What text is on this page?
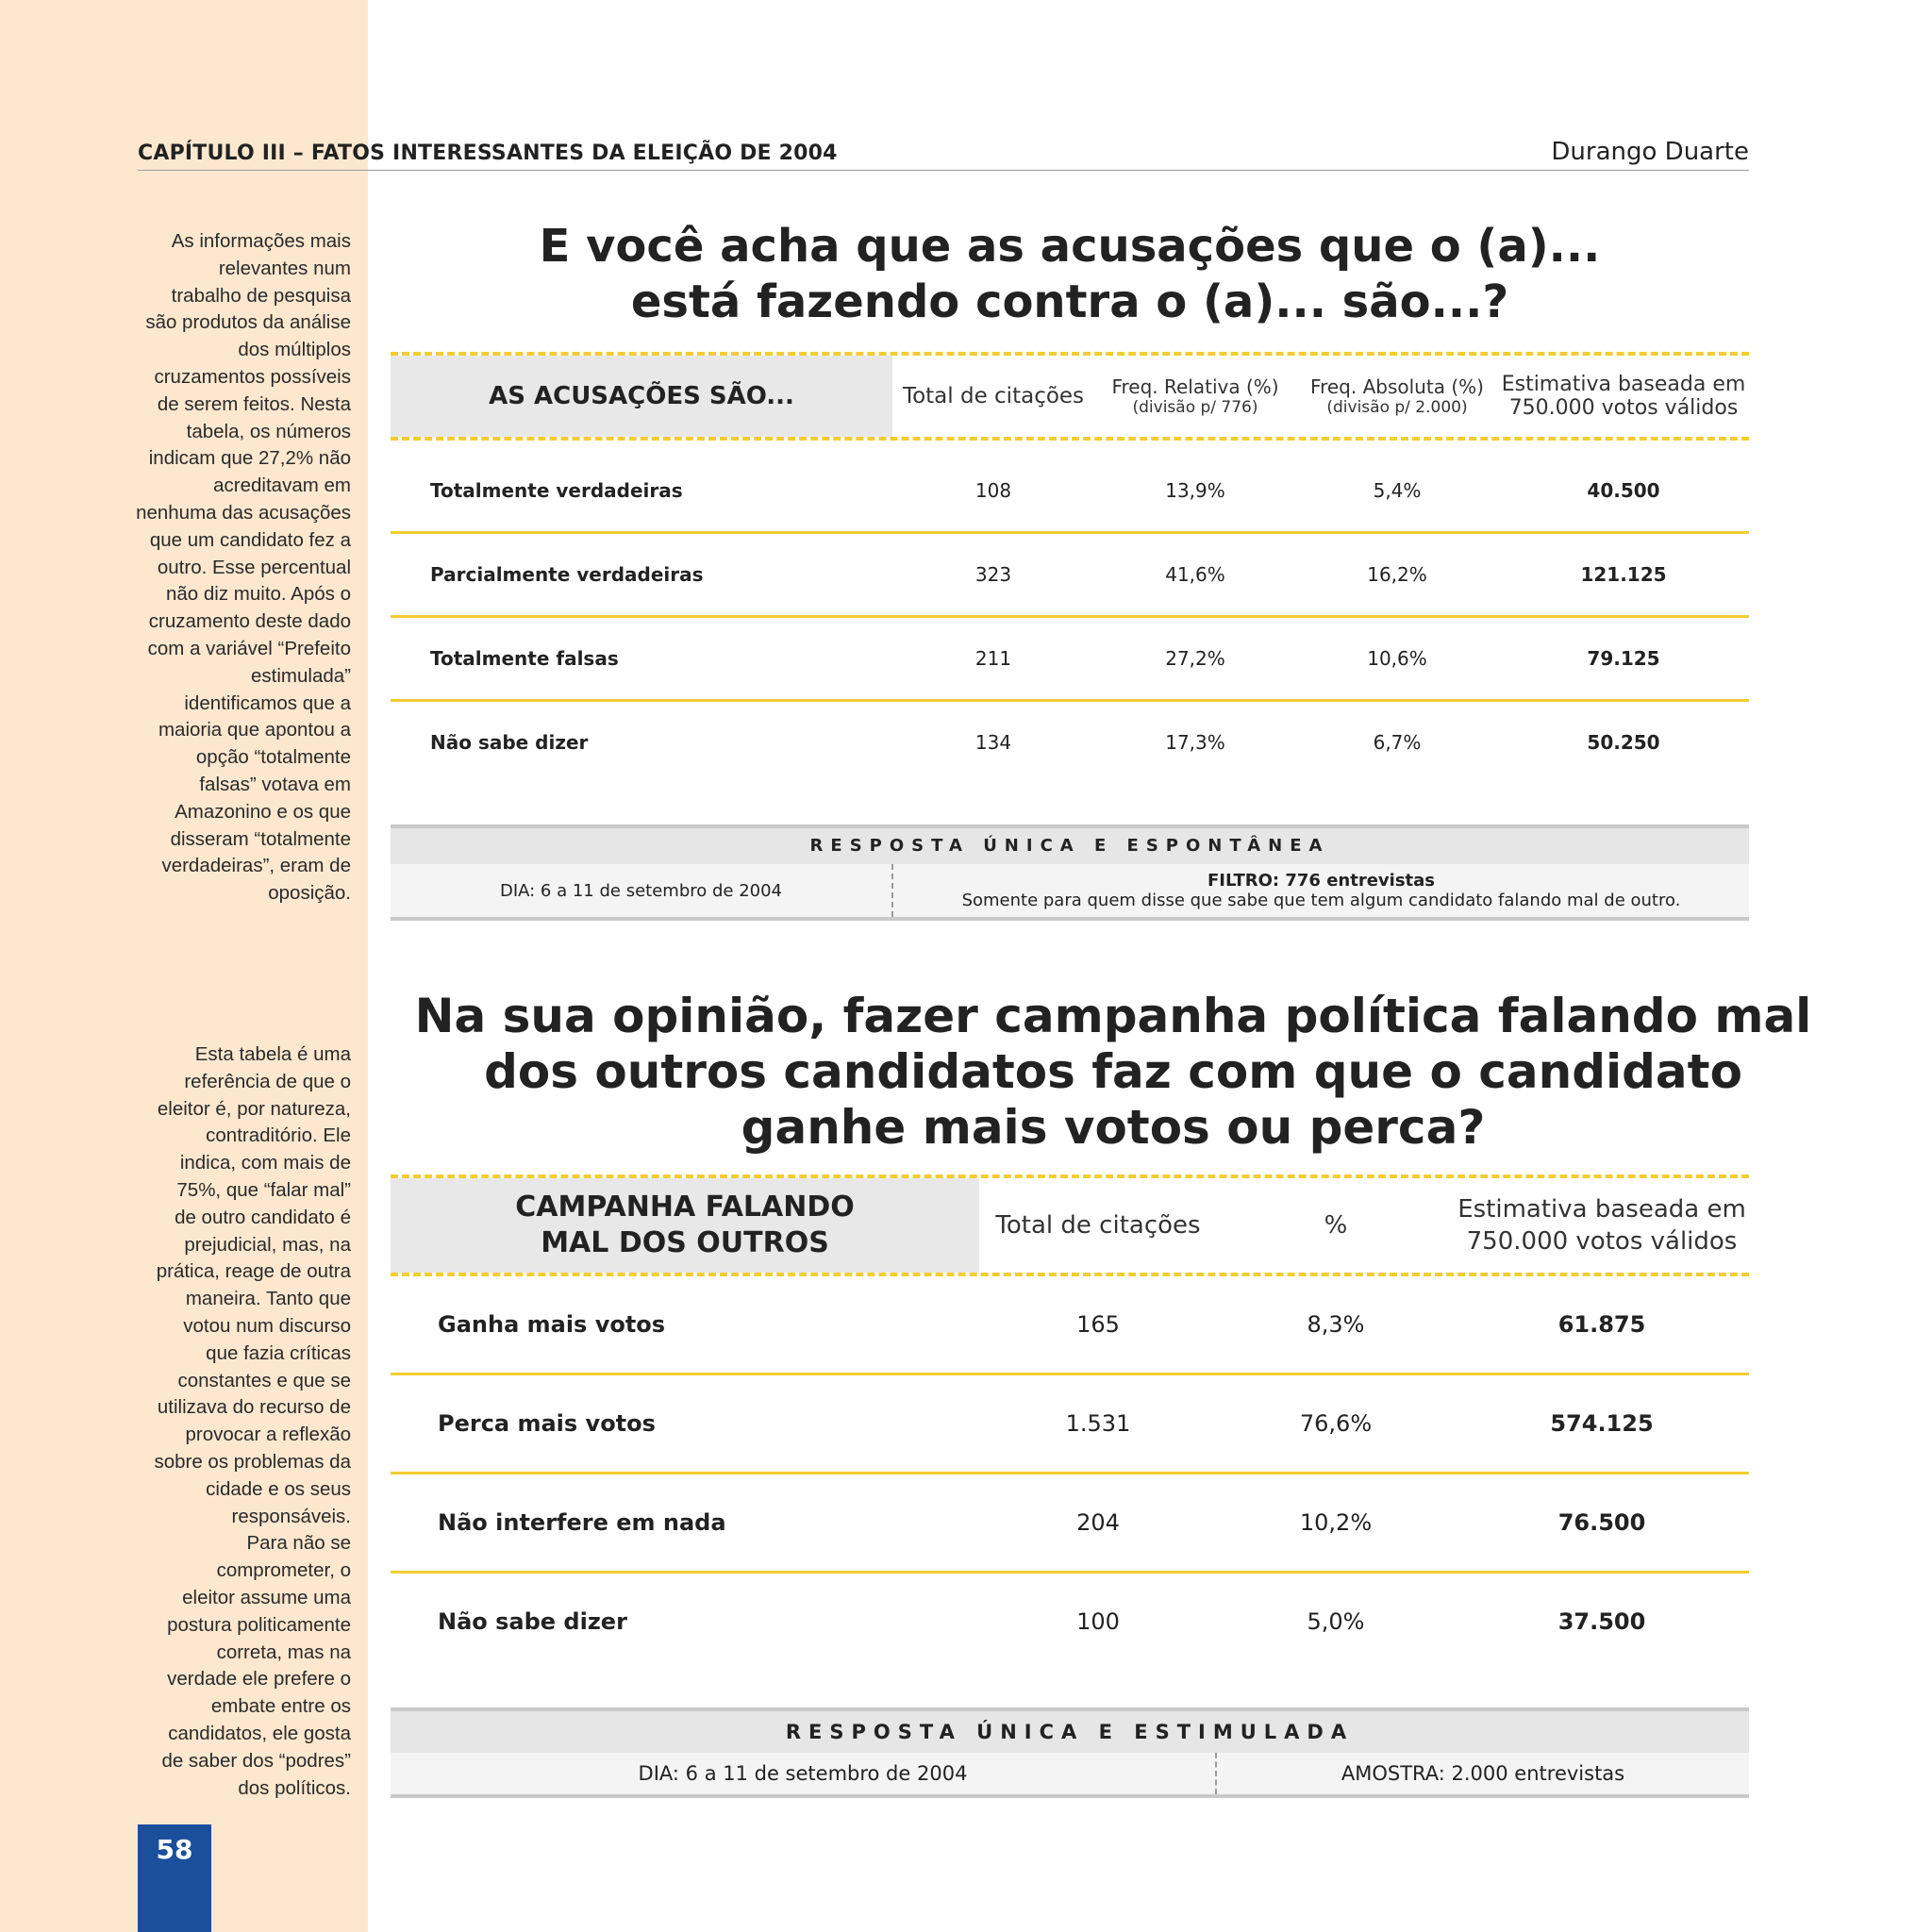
CAPÍTULO III – FATOS INTERESSANTES DA ELEIÇÃO DE 2004	Durango Duarte
As informações mais
relevantes num
trabalho de pesquisa
são produtos da análise
dos múltiplos
cruzamentos possíveis
de serem feitos. Nesta
tabela, os números
indicam que 27,2% não
acreditavam em
nenhuma das acusações
que um candidato fez a
outro. Esse percentual
não diz muito. Após o
cruzamento deste dado
com a variável “Prefeito
estimulada”
identificamos que a
maioria que apontou a
opção “totalmente
falsas” votava em
Amazonino e os que
disseram “totalmente
verdadeiras”, eram de
oposição.
Esta tabela é uma
referência de que o
eleitor é, por natureza,
contraditório. Ele
indica, com mais de
75%, que “falar mal”
de outro candidato é
prejudicial, mas, na
prática, reage de outra
maneira. Tanto que
votou num discurso
que fazia críticas
constantes e que se
utilizava do recurso de
provocar a reflexão
sobre os problemas da
cidade e os seus
responsáveis.
Para não se
comprometer, o
eleitor assume uma
postura politicamente
correta, mas na
verdade ele prefere o
embate entre os
candidatos, ele gosta
de saber dos “podres”
dos políticos.
58
E você acha que as acusações que o (a)...
está fazendo contra o (a)... são...?
AS ACUSAÇÕES SÃO...	Total de citações	Freq. Relativa (%)
(divisão p/ 776)
Freq. Absoluta (%)
(divisão p/ 2.000)
Estimativa baseada em
750.000 votos válidos
Totalmente verdadeiras	108	13,9%	5,4%	40.500
Parcialmente verdadeiras	323	41,6%	16,2%	121.125
Totalmente falsas	211	27,2%	10,6%	79.125
Não sabe dizer	134	17,3%	6,7%	50.250
RESPOSTA ÚNICA E ESPONTÂNEA
DIA: 6 a 11 de setembro de 2004	FILTRO: 776 entrevistas
Somente para quem disse que sabe que tem algum candidato falando mal de outro.
Na sua opinião, fazer campanha política falando mal
dos outros candidatos faz com que o candidato
ganhe mais votos ou perca?
CAMPANHA FALANDO
MAL DOS OUTROS
Total de citações	%
Estimativa baseada em
750.000 votos válidos
Ganha mais votos	165	8,3%	61.875
Perca mais votos	1.531	76,6%	574.125
Não interfere em nada	204	10,2%	76.500
Não sabe dizer	100	5,0%	37.500
RESPOSTA ÚNICA E ESTIMULADA
DIA: 6 a 11 de setembro de 2004	AMOSTRA: 2.000 entrevistas
